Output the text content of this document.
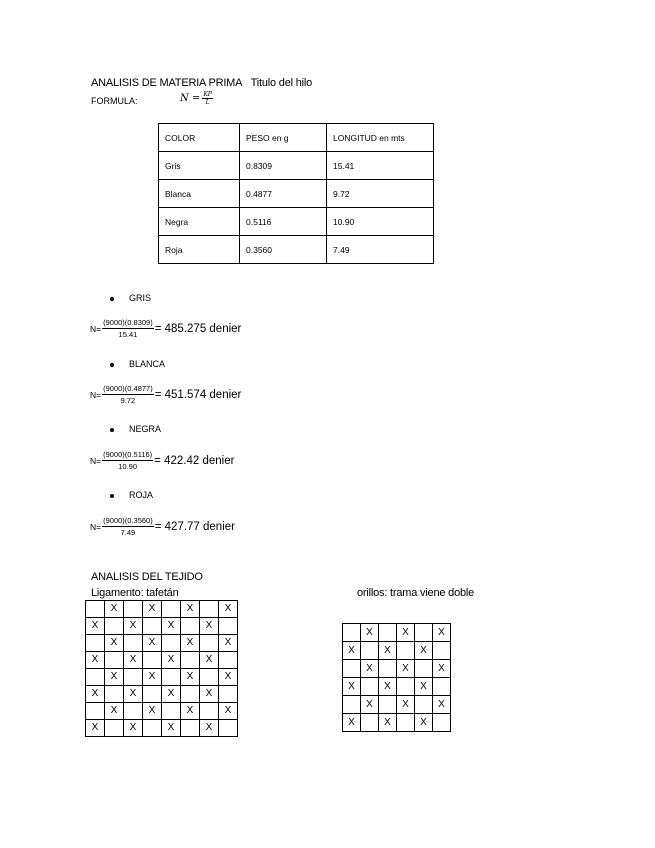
ANALISIS DE MATERIA PRIMA Titulo del hilo
FORMULA:	$N = \frac{KP}{L}$
COLOR	PESO en g	LONGITUD en mts
Gris	0.8309	15.41
Blanca	0.4877	9.72
Negra	0.5116	10.90
Roja	0.3560	7.49
GRIS
$N= \frac{(9000)(0.8309)}{15.41} = 485.275$ denier
BLANCA
$N= \frac{(9000)(0.4877)}{9.72} = 451.574$ denier
NEGRA
$N= \frac{(9000)(0.5116)}{10.90} = 422.42$ denier
ROJA
$N= \frac{(9000)(0.3560)}{7.49} = 427.77$ denier
ANALISIS DEL TEJIDO
Ligamento: tafetán	orillos: trama viene doble
	X		X		X		X
X		X		X		X	
	X		X		X		X
X		X		X		X	
	X		X		X		X
X		X		X		X	
	X		X		X		X
X		X		X		X	
	X		X		X
X		X		X	
	X		X		X
X		X		X	
	X		X		X
X		X		X	
